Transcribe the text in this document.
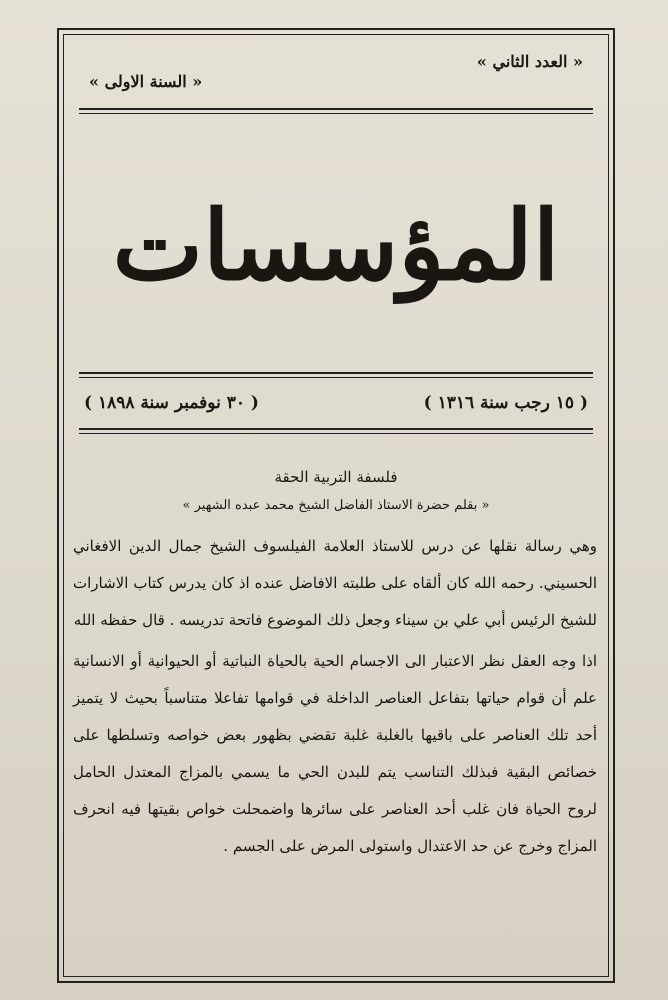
« العدد الثاني »
« السنة الاولى »
المؤسسات
( ١٥ رجب سنة ١٣١٦ )
( ٣٠ نوفمبر سنة ١٨٩٨ )
فلسفة التربية الحقة
« بقلم حضرة الاستاذ الفاضل الشيخ محمد عبده الشهير »

وهي رسالة نقلها عن درس للاستاذ العلامة الفيلسوف الشيخ جمال الدين الافغاني الحسيني. رحمه الله كان ألقاه على طلبته الافاضل عنده اذ كان يدرس كتاب الاشارات للشيخ الرئيس أبي علي بن سيناء وجعل ذلك الموضوع فاتحة تدريسه . قال حفظه الله

اذا وجه العقل نظر الاعتبار الى الاجسام الحية بالحياة النباتية أو الحيوانية أو الانسانية علم أن قوام حياتها بتفاعل العناصر الداخلة في قوامها تفاعلا متناسباً بحيث لا يتميز أحد تلك العناصر على باقيها بالغلبة غلبة تقضي بظهور بعض خواصه وتسلطها على خصائص البقية فبذلك التناسب يتم للبدن الحي ما يسمي بالمزاج المعتدل الحامل لروح الحياة فان غلب أحد العناصر على سائرها واضمحلت خواص بقيتها فيه انحرف المزاج وخرج عن حد الاعتدال واستولى المرض على الجسم .
